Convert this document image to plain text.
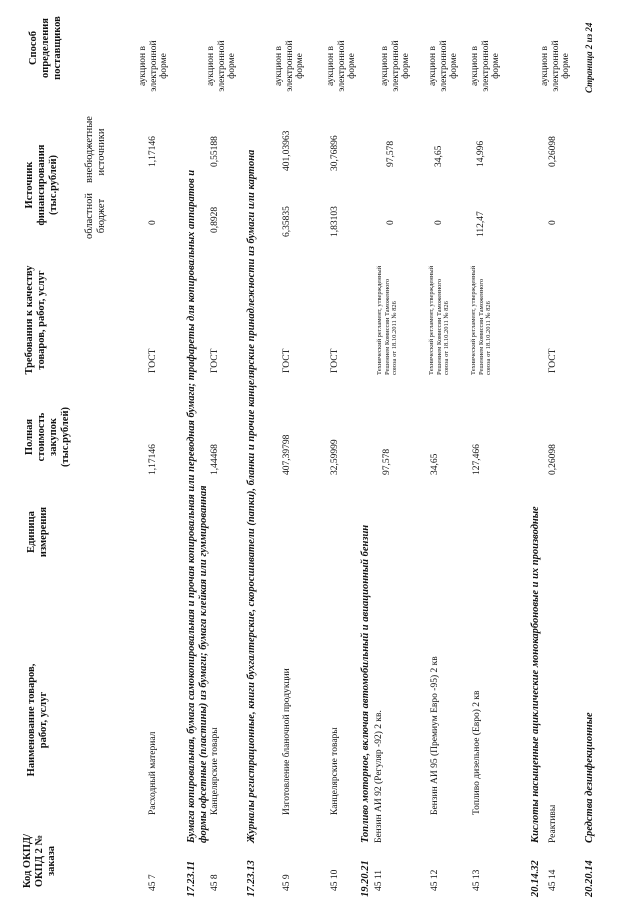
Код ОКПД/ ОКПД 2 № заказа
Наименование товаров, работ, услуг
Единица измерения
Полная стоимость закупок (тыс.рублей)
Требования к качеству товаров, работ, услуг
Источник финансирования (тыс.рублей)
областной бюджет
внебюджетные источники
Способ определения поставщиков
45 7
Расходный материал
1,17146
ГОСТ
0
1,17146
аукцион в электронной форме
17.23.11
Бумага копировальная, бумага самокопировальная и прочая копировальная или переводная бумага; трафареты для копировальных аппаратов и формы офсетные (пластины) из бумаги; бумага клейкая или гуммированная
45 8
Канцелярские товары
1,44468
ГОСТ
0,8928
0,55188
аукцион в электронной форме
17.23.13
Журналы регистрационные, книги бухгалтерские, скоросшиватели (папки), бланки и прочие канцелярские принадлежности из бумаги или картона
45 9
Изготовление бланочной продукции
407,39798
ГОСТ
6,35835
401,03963
аукцион в электронной форме
45 10
Канцелярские товары
32,59999
ГОСТ
1,83103
30,76896
аукцион в электронной форме
19.20.21
Топливо моторное, включая автомобильный и авиационный бензин
45 11
Бензин АИ 92 (Регуляр -92) 2 кв.
97,578
Технический регламент, утвержденный Решением Комиссии Таможенного союза от 18.10.2011 № 826
0
97,578
аукцион в электронной форме
45 12
Бензин АИ 95 (Премиум Евро -95) 2 кв
34,65
Технический регламент, утвержденный Решением Комиссии Таможенного союза от 18.10.2011 № 826
0
34,65
аукцион в электронной форме
45 13
Топливо дизельное (Евро) 2 кв
127,466
Технический регламент, утвержденный Решением Комиссии Таможенного союза от 18.10.2011 № 826
112,47
14,996
аукцион в электронной форме
20.14.32
Кислоты насыщенные ациклические монокарбоновые и их производные
45 14
Реактивы
0,26098
ГОСТ
0
0,26098
аукцион в электронной форме
20.20.14
Средства дезинфекционные
Страница 2 из 24
